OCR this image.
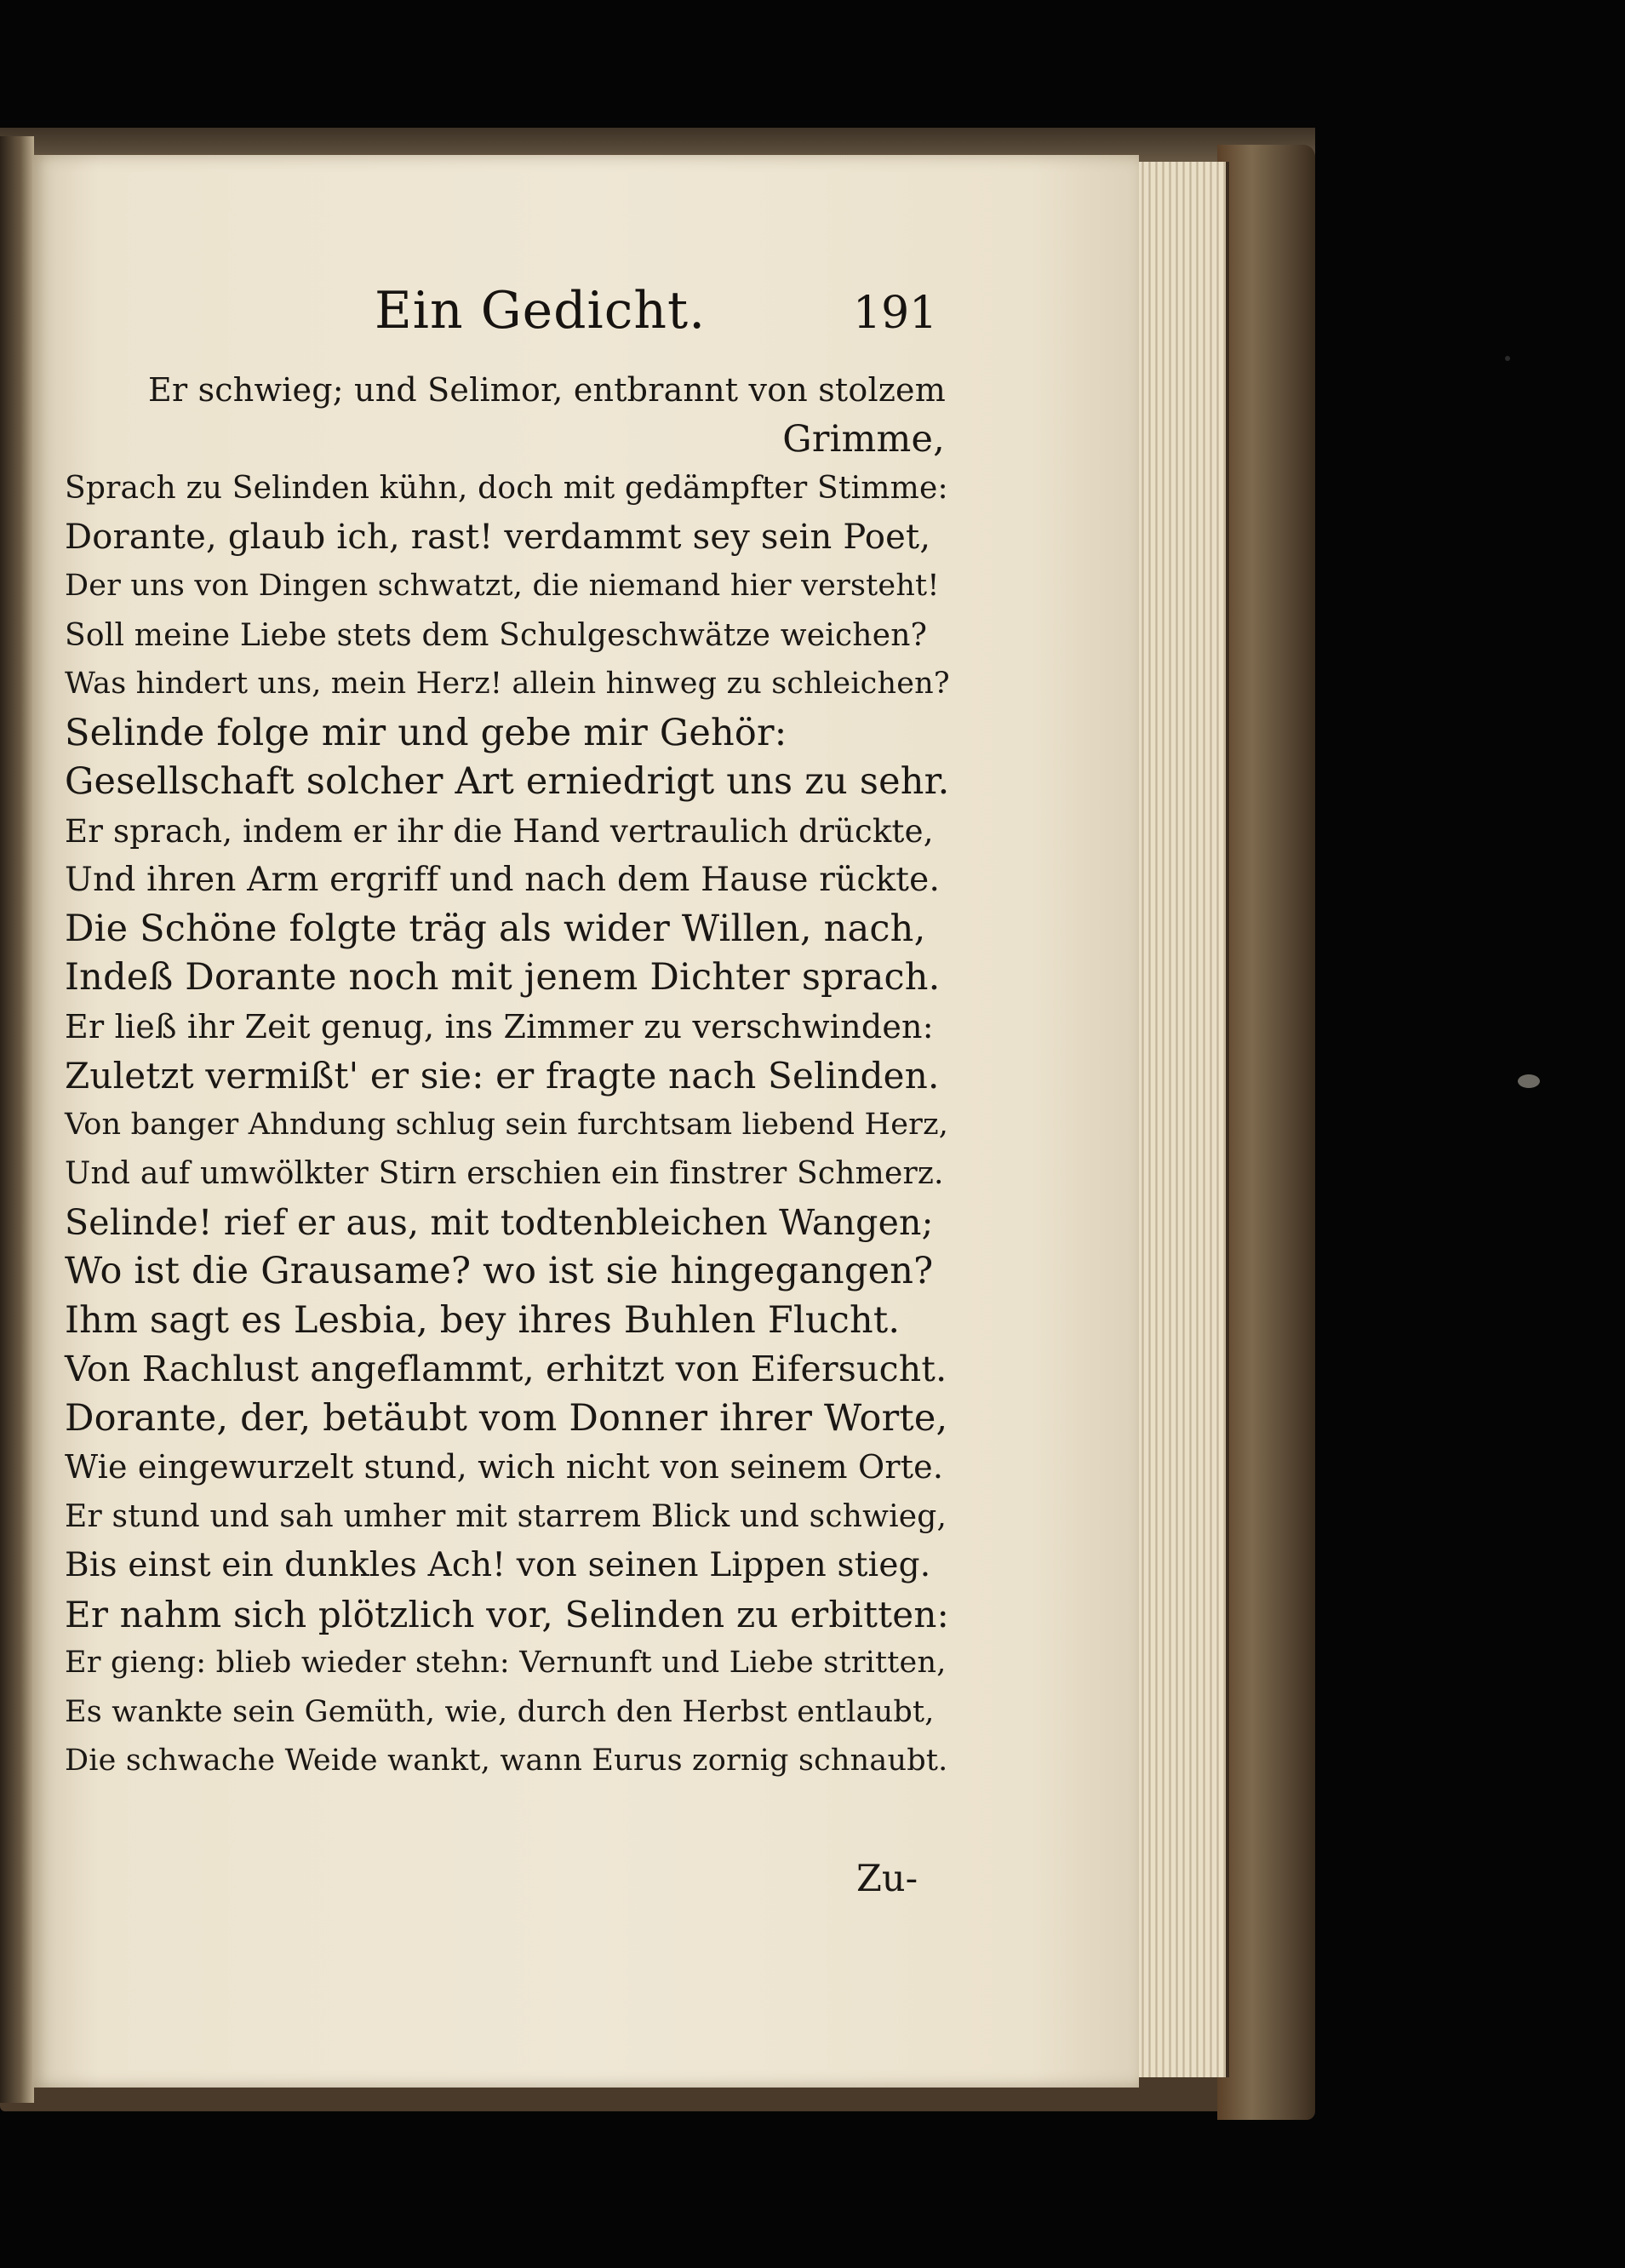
Ein Gedicht.	191
Er schwieg; und Selimor, entbrannt von stolzem
Grimme,
Sprach zu Selinden kühn, doch mit gedämpfter Stimme:
Dorante, glaub ich, rast! verdammt sey sein Poet,
Der uns von Dingen schwatzt, die niemand hier versteht!
Soll meine Liebe stets dem Schulgeschwätze weichen?
Was hindert uns, mein Herz! allein hinweg zu schleichen?
Selinde folge mir und gebe mir Gehör:
Gesellschaft solcher Art erniedrigt uns zu sehr.
Er sprach, indem er ihr die Hand vertraulich drückte,
Und ihren Arm ergriff und nach dem Hause rückte.
Die Schöne folgte träg als wider Willen, nach,
Indeß Dorante noch mit jenem Dichter sprach.
Er ließ ihr Zeit genug, ins Zimmer zu verschwinden:
Zuletzt vermißt' er sie: er fragte nach Selinden.
Von banger Ahndung schlug sein furchtsam liebend Herz,
Und auf umwölkter Stirn erschien ein finstrer Schmerz.
Selinde! rief er aus, mit todtenbleichen Wangen;
Wo ist die Grausame? wo ist sie hingegangen?
Ihm sagt es Lesbia, bey ihres Buhlen Flucht.
Von Rachlust angeflammt, erhitzt von Eifersucht.
Dorante, der, betäubt vom Donner ihrer Worte,
Wie eingewurzelt stund, wich nicht von seinem Orte.
Er stund und sah umher mit starrem Blick und schwieg,
Bis einst ein dunkles Ach! von seinen Lippen stieg.
Er nahm sich plötzlich vor, Selinden zu erbitten:
Er gieng: blieb wieder stehn: Vernunft und Liebe stritten,
Es wankte sein Gemüth, wie, durch den Herbst entlaubt,
Die schwache Weide wankt, wann Eurus zornig schnaubt.
Zu-
